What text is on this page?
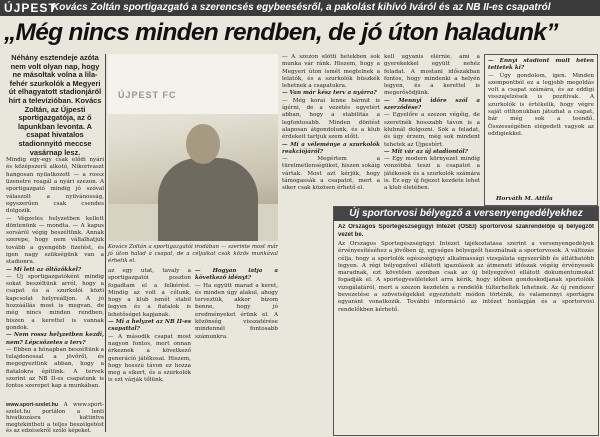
ÚJPEST
Kovács Zoltán sportigazgató a szerencsés egybeesésről, a pakolást kihívó Iváról és az NB II-es csapatról
„Még nincs minden rendben, de jó úton haladunk”

Néhány esztendeje azóta nem volt olyan nap, hogy ne másoltak volna a lila-fehér szurkolók a Megyeri út elhagyatott stadionjáról hírt a televízióban. Kovács Zoltán, az Újpesti sportigazgatója, az ő lapunkban levonta. A csapat hivatalos stadionnyitó meccse vasárnap lesz.

Mindig egy-egy csak elődi nyári és középszerű alkotó, Nikorivaszt hangosan nyilatkozott — a rossz üzenetre reagál a nyári szezon. A sportigazgató mindig jó szóval válaszolt a nyilvánosság, egyszerűen csak csendes dolgozik.

— Végzetes helyzetben kellett döntenünk — mondta. — A kapus sorsáról végig beszéltünk. Annak szerepe, hogy nem vállalhatjuk tovább a gyengébb fizetést, és igen nagy szükségünk van a stadionra.

— Mi lett az öltözőkkel?

— Új sportigazgatóként mindig sokat beszéltünk arról, hogy a csapat és a szurkolói közti kapcsolat helyreálljon. A jó hozzáállás most is megvan, de még nincs minden rendben, hiszen a kerettel is vannak gondok.

— Nem rossz helyzetben kezdi, nem? Lépcsőzetes a terv?

— Ebben a hónapban beszéltünk a tulajdonossal a jövőről, és megegyeztünk abban, hogy a fiatalokra építünk. A tervek szerint az NB II-es csapatunk is fontos szerepet kap a munkában.

www.sport-szelet.hu A www.sport-szelet.hu portálon a lenti hivatkozásra kattintva megtekintheti a teljes beszélgetést és az edzésekről szóló képeket.
ÚJPEST FC
Kovács Zoltán a sportigazgatói irodában — szerinte most már jó úton halad a csapat, de a céljaikat csak közös munkával érhetik el.

az egy utat, tavaly a sportigazgatói poszton fogadtam el a felkérést. Mindig az volt a célunk, hogy a klub ismét stabil legyen és a fiatalok is lehetőséget kapjanak.

— Mi a helyzet az NB II-es csapattal?

— A második csapat most nagyon fontos, mert onnan érkeznek a következő generáció játékosai. Hiszem, hogy hosszú távon ez hozza meg a sikert, és a szurkolók is ezt várják tőlünk.

— Hogyan látja a következő idényt?

— Ha együtt marad a keret, és minden úgy alakul, ahogy terveztük, akkor bízom benne, hogy jó eredményeket érünk el. A közönség visszatérése mindennél fontosabb számunkra.

— A szezon előtti hetekben sok munka vár ránk. Hiszem, hogy a Megyeri úton ismét megtelnek a lelátók, és a szurkolók büszkék lehetnek a csapatukra.

— Van már kész terv a nyárra?

— Még korai lenne bármit is ígérni, de a vezetés egyetért abban, hogy a stabilitás a legfontosabb. Minden döntést alaposan átgondolunk, és a klub érdekeit tartjuk szem előtt.

— Mi a véleménye a szurkolók reakciójáról?

— Megértem a türelmetlenségüket, hiszen sokáig vártak. Most azt kérjük, hogy támogassák a csapatot, mert a siker csak közösen érhető el.

kell ugyanis elérnie, ami a gyerekekkel együtt nehéz feladat. A mostani időszakban fontos, hogy mindenki a helyén legyen, és a kerettel is megerősödjünk.

— Mennyi időre szól a szerződése?

— Egyelőre a szezon végéig, de szeretnék hosszabb távon is a klubnál dolgozni. Sok a feladat, és úgy érzem, még sok mindent tehetek az Újpestért.

— Mit vár az új stadiontól?

— Egy modern környezet mindig vonzóbbá teszi a csapatot a játékosok és a szurkolók számára is. Ez egy új fejezet kezdete lehet a klub életében.

— Ennyi stadiont múlt héten tettetek ki?

— Úgy gondolom, igen. Minden szempontból ez a legjobb megoldás volt a csapat számára, és az eddigi visszajelzések is pozitívak. A szurkolók is értékelik, hogy végre saját otthonukban játszhat a csapat, bár még sok a teendő. Összességében elégedett vagyok az eddigiekkel.

Horváth M. Attila
Új sportorvosi bélyegző a versenyengedélyekhez

Az Országos Sportegészségügyi Intézet (OSEI) sportorvosi szakrendelője új bélyegzőt vezet be.

Az Országos Sportegészségügyi Intézet tájékoztatása szerint a versenyengedélyek érvényesítéséhez a jövőben új, egységes bélyegzőt használnak a sportorvosok. A változás célja, hogy a sportolók egészségügyi alkalmassági vizsgálata egyszerűbb és átláthatóbb legyen. A régi bélyegzővel ellátott igazolások az átmeneti időszak végéig érvényesek maradnak, ezt követően azonban csak az új bélyegzővel ellátott dokumentumokat fogadják el. A sportegyesületeket arra kérik, hogy időben gondoskodjanak sportolóik vizsgálatáról, mert a szezon kezdetén a rendelők túlterheltek lehetnek. Az új rendszer bevezetése a szövetségekkel egyeztetett módon történik, és valamennyi sportágra egyaránt vonatkozik. További információ az intézet honlapján és a sportorvosi rendelőkben kérhető.
